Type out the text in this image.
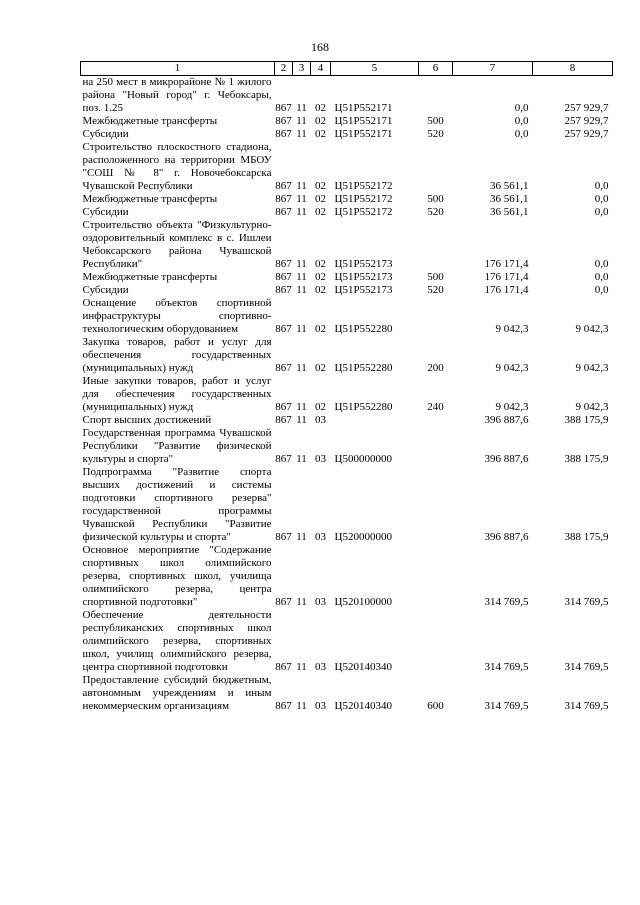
168
1	2	3	4	5	6	7	8
на 250 мест в микрорайоне № 1 жилого района "Новый город" г. Чебоксары, поз. 1.25	867	11	02	Ц51P552171		0,0	257 929,7
Межбюджетные трансферты	867	11	02	Ц51P552171	500	0,0	257 929,7
Субсидии	867	11	02	Ц51P552171	520	0,0	257 929,7
Строительство плоскостного стадиона, расположенного на территории МБОУ "СОШ № 8" г. Новочебоксарска Чувашской Республики	867	11	02	Ц51P552172		36 561,1	0,0
Межбюджетные трансферты	867	11	02	Ц51P552172	500	36 561,1	0,0
Субсидии	867	11	02	Ц51P552172	520	36 561,1	0,0
Строительство объекта "Физкультурно-оздоровительный комплекс в с. Ишлеи Чебоксарского района Чувашской Республики"	867	11	02	Ц51P552173		176 171,4	0,0
Межбюджетные трансферты	867	11	02	Ц51P552173	500	176 171,4	0,0
Субсидии	867	11	02	Ц51P552173	520	176 171,4	0,0
Оснащение объектов спортивной инфраструктуры спортивно-технологическим оборудованием	867	11	02	Ц51P552280		9 042,3	9 042,3
Закупка товаров, работ и услуг для обеспечения государственных (муниципальных) нужд	867	11	02	Ц51P552280	200	9 042,3	9 042,3
Иные закупки товаров, работ и услуг для обеспечения государственных (муниципальных) нужд	867	11	02	Ц51P552280	240	9 042,3	9 042,3
Спорт высших достижений	867	11	03			396 887,6	388 175,9
Государственная программа Чувашской Республики "Развитие физической культуры и спорта"	867	11	03	Ц500000000		396 887,6	388 175,9
Подпрограмма "Развитие спорта высших достижений и системы подготовки спортивного резерва" государственной программы Чувашской Республики "Развитие физической культуры и спорта"	867	11	03	Ц520000000		396 887,6	388 175,9
Основное мероприятие "Содержание спортивных школ олимпийского резерва, спортивных школ, училища олимпийского резерва, центра спортивной подготовки"	867	11	03	Ц520100000		314 769,5	314 769,5
Обеспечение деятельности республиканских спортивных школ олимпийского резерва, спортивных школ, училищ олимпийского резерва, центра спортивной подготовки	867	11	03	Ц520140340		314 769,5	314 769,5
Предоставление субсидий бюджетным, автономным учреждениям и иным некоммерческим организациям	867	11	03	Ц520140340	600	314 769,5	314 769,5
